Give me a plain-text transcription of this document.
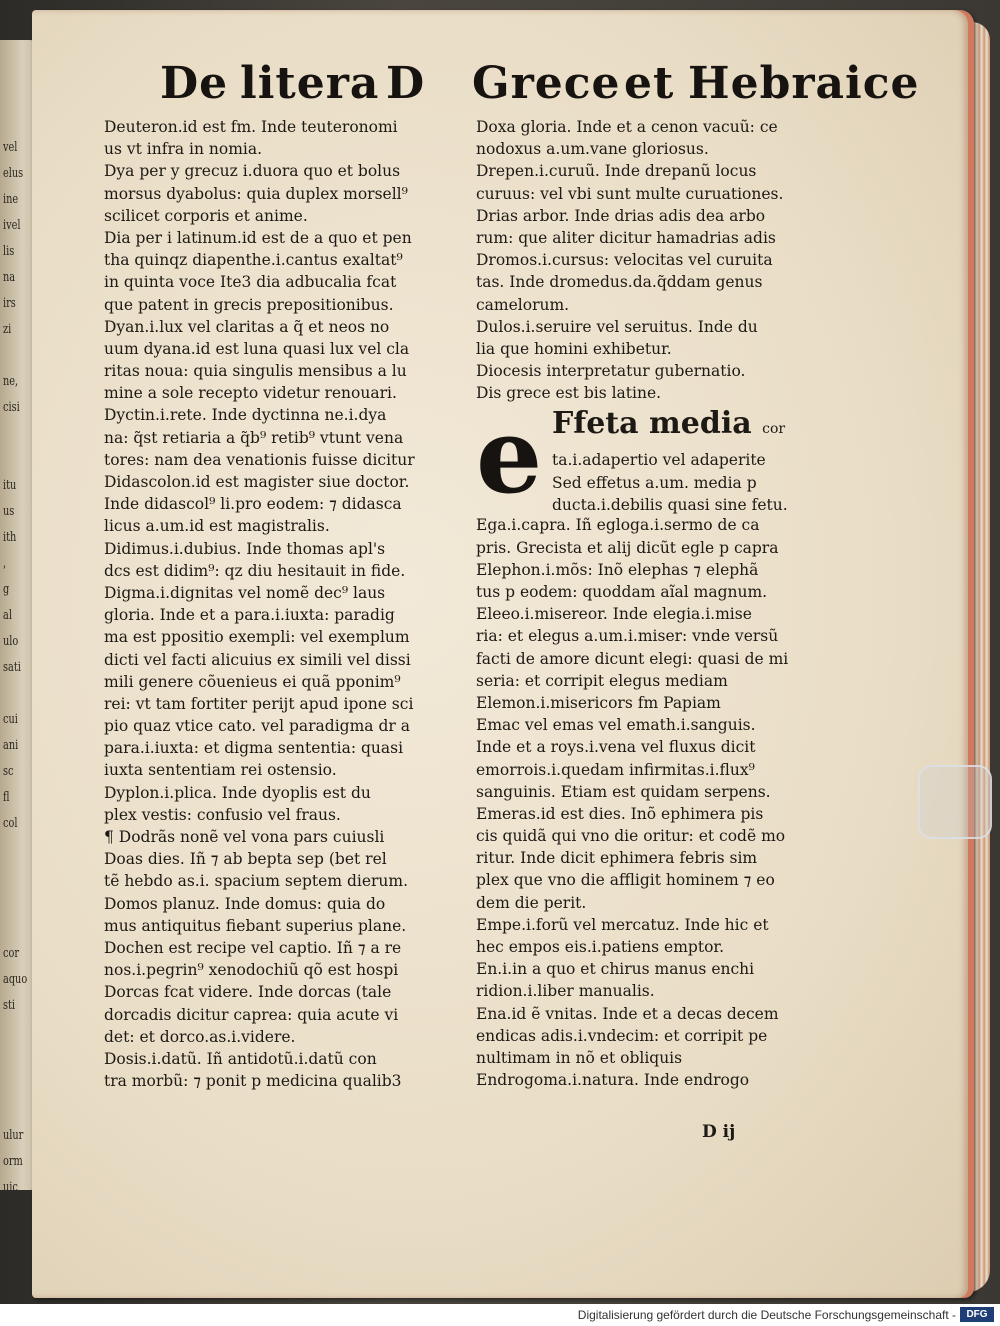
vel
elus
ine
ivel
lis
na
irs
zi
ne,
cisi
itu
us
ith
,
g
al
ulo
sati
cui
ani
sc
fl
col
cor
aquo
sti
ulur
orm
uic
De litera D Grece et Hebraice
Deuteron.id est fm. Inde teuteronomi
us vt infra in nomia.
Dya per y grecuz i.duora quo et bolus
morsus dyabolus: quia duplex morsell⁹
scilicet corporis et anime.
Dia per i latinum.id est de a quo et pen
tha quinqz diapenthe.i.cantus exaltat⁹
in quinta voce Ite3 dia adbucalia fcat
que patent in grecis prepositionibus.
Dyan.i.lux vel claritas a q̃ et neos no
uum dyana.id est luna quasi lux vel cla
ritas noua: quia singulis mensibus a lu
mine a sole recepto videtur renouari.
Dyctin.i.rete. Inde dyctinna ne.i.dya
na: q̃st retiaria a q̃b⁹ retib⁹ vtunt vena
tores: nam dea venationis fuisse dicitur
Didascolon.id est magister siue doctor.
Inde didascol⁹ li.pro eodem: ⁊ didasca
licus a.um.id est magistralis.
Didimus.i.dubius. Inde thomas apl's
dcs est didim⁹: qz diu hesitauit in fide.
Digma.i.dignitas vel nomẽ dec⁹ laus
gloria. Inde et a para.i.iuxta: paradig
ma est ppositio exempli: vel exemplum
dicti vel facti alicuius ex simili vel dissi
mili genere cõuenieus ei quã pponim⁹
rei: vt tam fortiter perijt apud ipone sci
pio quaz vtice cato. vel paradigma dr a
para.i.iuxta: et digma sententia: quasi
iuxta sententiam rei ostensio.
Dyplon.i.plica. Inde dyoplis est du
plex vestis: confusio vel fraus.
¶ Dodrãs nonẽ vel vona pars cuiusli
Doas dies. Iñ ⁊ ab bepta sep (bet rel
tẽ hebdo as.i. spacium septem dierum.
Domos planuz. Inde domus: quia do
mus antiquitus fiebant superius plane.
Dochen est recipe vel captio. Iñ ⁊ a re
nos.i.pegrin⁹ xenodochiũ qõ est hospi
Dorcas fcat videre. Inde dorcas (tale
dorcadis dicitur caprea: quia acute vi
det: et dorco.as.i.videre.
Dosis.i.datũ. Iñ antidotũ.i.datũ con
tra morbũ: ⁊ ponit p medicina qualib3
Doxa gloria. Inde et a cenon vacuũ: ce
nodoxus a.um.vane gloriosus.
Drepen.i.curuũ. Inde drepanũ locus
curuus: vel vbi sunt multe curuationes.
Drias arbor. Inde drias adis dea arbo
rum: que aliter dicitur hamadrias adis
Dromos.i.cursus: velocitas vel curuita
tas. Inde dromedus.da.q̃ddam genus
camelorum.
Dulos.i.seruire vel seruitus. Inde du
lia que homini exhibetur.
Diocesis interpretatur gubernatio.
Dis grece est bis latine.
e Ffeta media cor
ta.i.adapertio vel adaperite
Sed effetus a.um. media p
ducta.i.debilis quasi sine fetu.
Ega.i.capra. Iñ egloga.i.sermo de ca
pris. Grecista et alij dicũt egle p capra
Elephon.i.mõs: Inõ elephas ⁊ elephã
tus p eodem: quoddam aĩal magnum.
Eleeo.i.misereor. Inde elegia.i.mise
ria: et elegus a.um.i.miser: vnde versũ
facti de amore dicunt elegi: quasi de mi
seria: et corripit elegus mediam
Elemon.i.misericors fm Papiam
Emac vel emas vel emath.i.sanguis.
Inde et a roys.i.vena vel fluxus dicit
emorrois.i.quedam infirmitas.i.flux⁹
sanguinis. Etiam est quidam serpens.
Emeras.id est dies. Inõ ephimera pis
cis quidã qui vno die oritur: et codẽ mo
ritur. Inde dicit ephimera febris sim
plex que vno die affligit hominem ⁊ eo
dem die perit.
Empe.i.forũ vel mercatuz. Inde hic et
hec empos eis.i.patiens emptor.
En.i.in a quo et chirus manus enchi
ridion.i.liber manualis.
Ena.id ẽ vnitas. Inde et a decas decem
endicas adis.i.vndecim: et corripit pe
nultimam in nõ et obliquis
Endrogoma.i.natura. Inde endrogo
D ij
Digitalisierung gefördert durch die Deutsche Forschungsgemeinschaft -	DFG
